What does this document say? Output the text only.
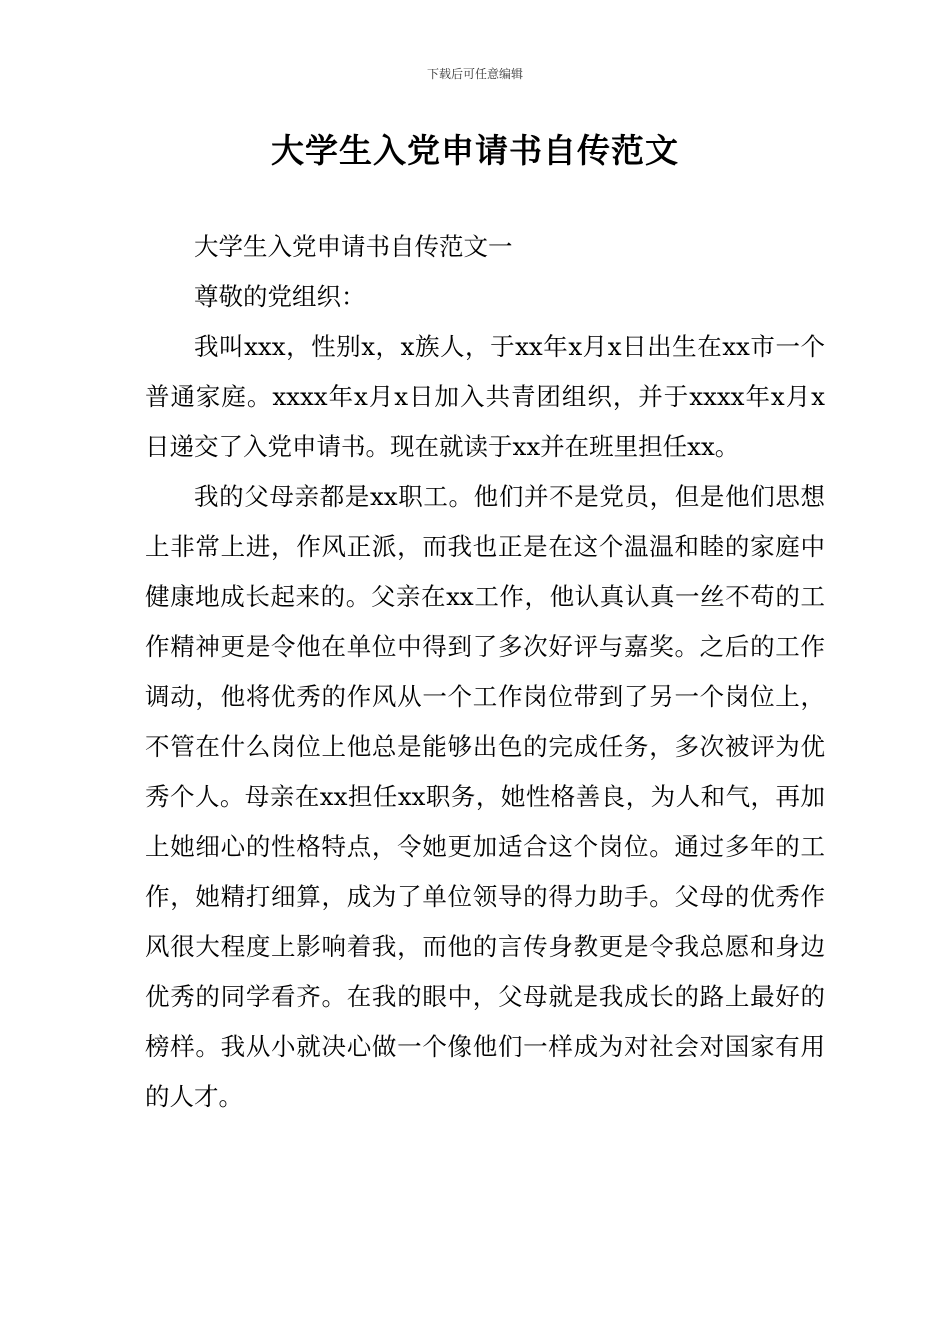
下载后可任意编辑
大学生入党申请书自传范文

大学生入党申请书自传范文一

尊敬的党组织：

我叫xxx，性别x，x族人，于xx年x月x日出生在xx市一个普通家庭。xxxx年x月x日加入共青团组织，并于xxxx年x月x日递交了入党申请书。现在就读于xx并在班里担任xx。

我的父母亲都是xx职工。他们并不是党员，但是他们思想上非常上进，作风正派，而我也正是在这个温温和睦的家庭中健康地成长起来的。父亲在xx工作，他认真认真一丝不苟的工作精神更是令他在单位中得到了多次好评与嘉奖。之后的工作调动，他将优秀的作风从一个工作岗位带到了另一个岗位上，不管在什么岗位上他总是能够出色的完成任务，多次被评为优秀个人。母亲在xx担任xx职务，她性格善良，为人和气，再加上她细心的性格特点，令她更加适合这个岗位。通过多年的工作，她精打细算，成为了单位领导的得力助手。父母的优秀作风很大程度上影响着我，而他的言传身教更是令我总愿和身边优秀的同学看齐。在我的眼中，父母就是我成长的路上最好的榜样。我从小就决心做一个像他们一样成为对社会对国家有用的人才。
